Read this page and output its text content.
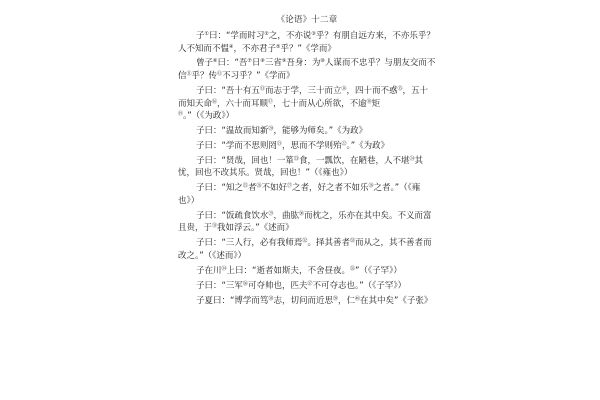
《论语》十二章

子①曰：“学而时习②之，不亦说③乎？有朋自远方来，不亦乐乎？人不知而不愠④，不亦君子⑤乎？”《学而》

曾子⑥曰：“吾⑦日⑧三省⑨吾身：为⑩人谋而不忠乎？与朋友交而不信⑪乎？传⑫不习乎？”《学而》

子曰：“吾十有五⑬而志于学，三十而立⑭，四十而不惑⑮，五十而知天命⑯，六十而耳顺⑰，七十而从心所欲，不逾⑱矩⑲。”（《为政》）

子曰：“温故而知新⑳，能够为师矣。”《为政》

子曰：“学而不思则罔$^㉑$，思而不学则殆$^㉒$。”《为政》

子曰：“贤哉，回也！一箪$^㉓$食，一瓢饮，在陋巷，人不堪$^㉔$其忧，回也不改其乐。贤哉，回也！”（《雍也》）

子曰：“知之$^㉕$者$^㉖$不如好$^㉗$之者，好之者不如乐$^㉘$之者。”（《雍也》）

子曰：“饭疏食饮水$^㉙$，曲肱$^㉚$而枕之，乐亦在其中矣。不义而富且贵，于$^㉛$我如浮云。”《述而》

子曰：“三人行，必有我师焉$^㉜$。择其善者$^㉝$而从之，其不善者而改之。”（《述而》）

子在川$^㉞$上曰：“逝者如斯夫，不舍昼夜。$^㉟$”（《子罕》）

子曰：“三军$^㊱$可夺帅也，匹夫$^㊲$不可夺志也。”（《子罕》）

子夏曰：“博学而笃$^㊳$志，切问而近思$^㊴$，仁$^㊵$在其中矣”《子张》
